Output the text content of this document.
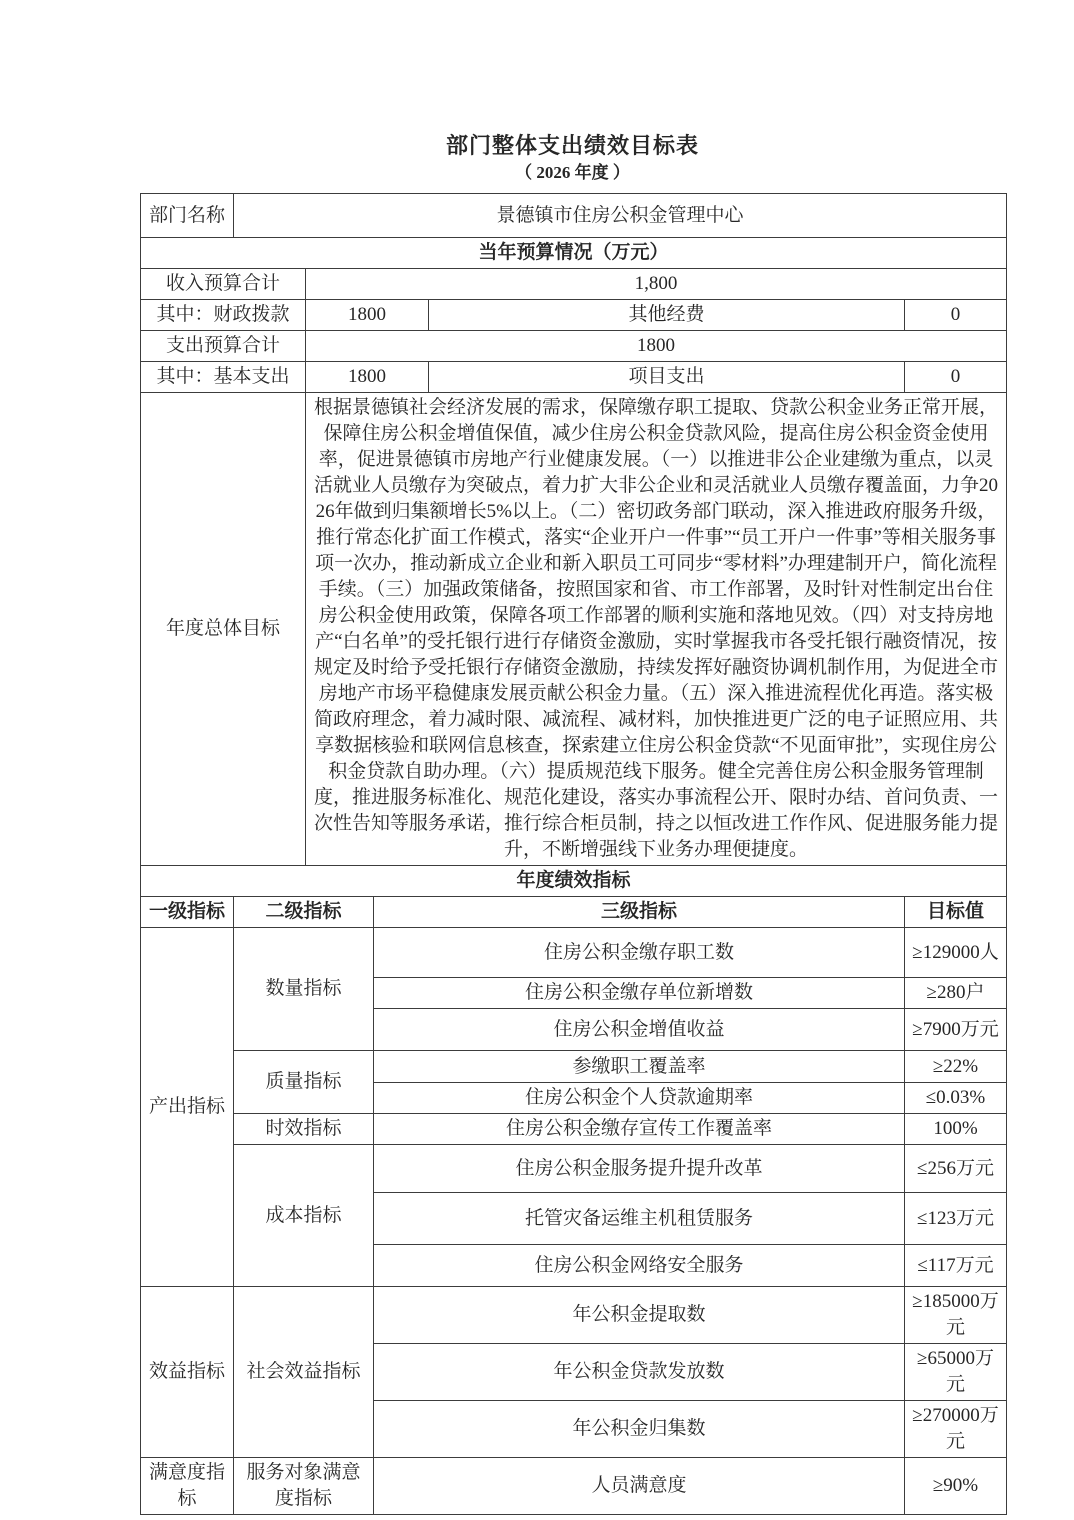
部门整体支出绩效目标表
（ 2026 年度 ）
部门名称	景德镇市住房公积金管理中心				
当年预算情况（万元）					
收入预算合计		1,800			
其中：财政拨款		1800		其他经费	0
支出预算合计		1800			
其中：基本支出		1800		项目支出	0
年度总体目标		根据景德镇社会经济发展的需求，保障缴存职工提取、贷款公积金业务正常开展，保障住房公积金增值保值，减少住房公积金贷款风险，提高住房公积金资金使用率，促进景德镇市房地产行业健康发展。（一）以推进非公企业建缴为重点，以灵活就业人员缴存为突破点，着力扩大非公企业和灵活就业人员缴存覆盖面，力争2026年做到归集额增长5%以上。（二）密切政务部门联动，深入推进政府服务升级，推行常态化扩面工作模式，落实“企业开户一件事”“员工开户一件事”等相关服务事项一次办，推动新成立企业和新入职员工可同步“零材料”办理建制开户，简化流程手续。（三）加强政策储备，按照国家和省、市工作部署，及时针对性制定出台住房公积金使用政策，保障各项工作部署的顺利实施和落地见效。（四）对支持房地产“白名单”的受托银行进行存储资金激励，实时掌握我市各受托银行融资情况，按规定及时给予受托银行存储资金激励，持续发挥好融资协调机制作用，为促进全市房地产市场平稳健康发展贡献公积金力量。（五）深入推进流程优化再造。落实极简政府理念，着力减时限、减流程、减材料，加快推进更广泛的电子证照应用、共享数据核验和联网信息核查，探索建立住房公积金贷款“不见面审批”，实现住房公积金贷款自助办理。（六）提质规范线下服务。健全完善住房公积金服务管理制度，推进服务标准化、规范化建设，落实办事流程公开、限时办结、首问负责、一次性告知等服务承诺，推行综合柜员制，持之以恒改进工作作风、促进服务能力提升，不断增强线下业务办理便捷度。			
年度绩效指标					
一级指标	二级指标		三级指标		目标值
产出指标	数量指标		住房公积金缴存职工数		≥129000人
			住房公积金缴存单位新增数		≥280户
			住房公积金增值收益		≥7900万元
	质量指标		参缴职工覆盖率		≥22%
			住房公积金个人贷款逾期率		≤0.03%
	时效指标		住房公积金缴存宣传工作覆盖率		100%
	成本指标		住房公积金服务提升提升改革		≤256万元
			托管灾备运维主机租赁服务		≤123万元
			住房公积金网络安全服务		≤117万元
效益指标	社会效益指标		年公积金提取数		≥185000万元
			年公积金贷款发放数		≥65000万元
			年公积金归集数		≥270000万元
满意度指标	服务对象满意度指标		人员满意度		≥90%
